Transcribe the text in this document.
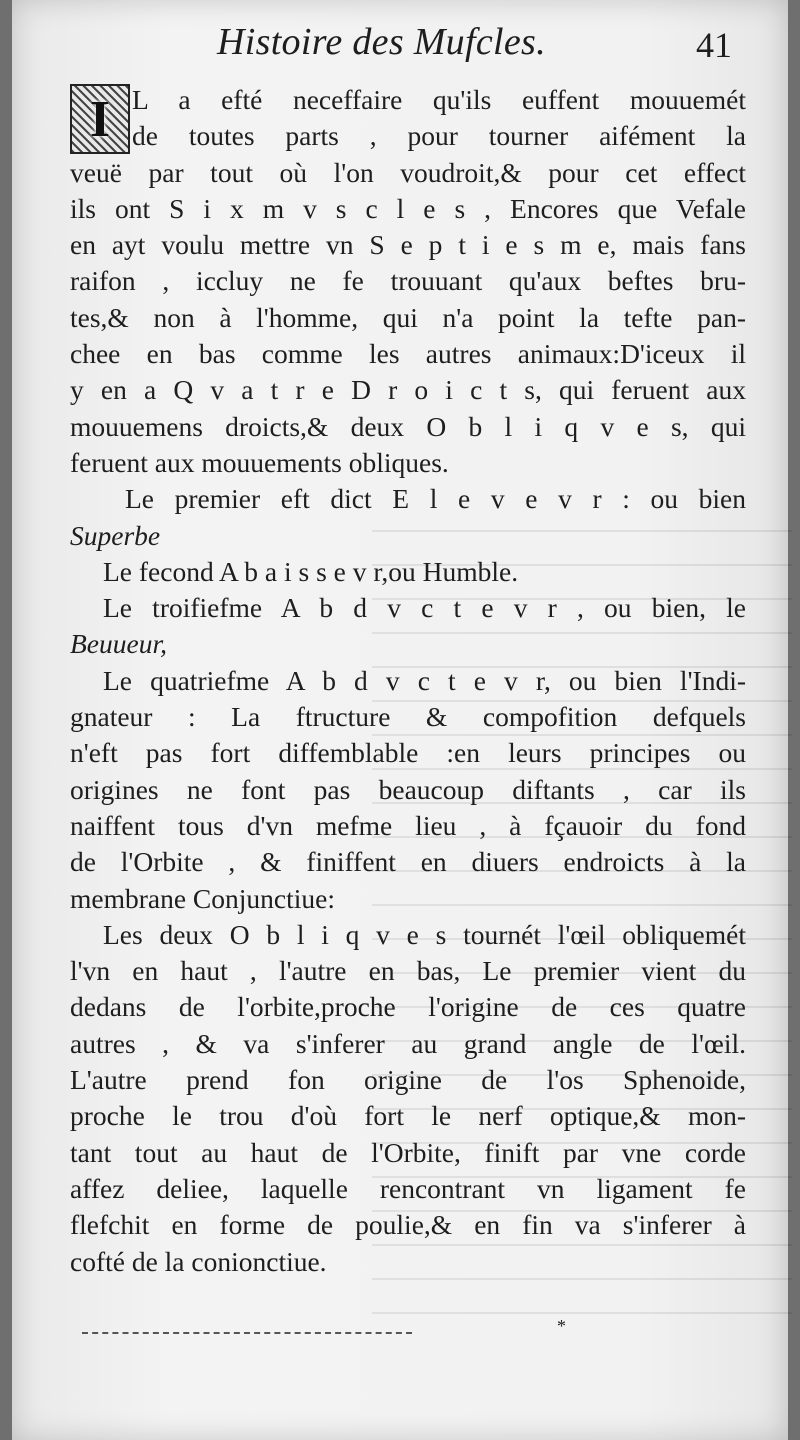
Histoire des Mufcles.	41
I L a efté neceffaire qu'ils euffent mouuemét
de toutes parts , pour tourner aifément la
veuë par tout où l'on voudroit,& pour cet effect
ils ont S i x m v s c l e s , Encores que Vefale
en ayt voulu mettre vn S e p t i e s m e, mais fans
raifon , iccluy ne fe trouuant qu'aux beftes bru-
tes,& non à l'homme, qui n'a point la tefte pan-
chee en bas comme les autres animaux:D'iceux il
y en a Q v a t r e D r o i c t s, qui feruent aux
mouuemens droicts,& deux O b l i q v e s, qui
feruent aux mouuements obliques.
Le premier eft dict E l e v e v r : ou bien
Superbe
Le fecond A b a i s s e v r,ou Humble.
Le troifiefme A b d v c t e v r , ou bien, le
Beuueur,
Le quatriefme A b d v c t e v r, ou bien l'Indi-
gnateur : La ftructure & compofition defquels
n'eft pas fort diffemblable :en leurs principes ou
origines ne font pas beaucoup diftants , car ils
naiffent tous d'vn mefme lieu , à fçauoir du fond
de l'Orbite , & finiffent en diuers endroicts à la
membrane Conjunctiue:
Les deux O b l i q v e s tournét l'œil obliquemét
l'vn en haut , l'autre en bas, Le premier vient du
dedans de l'orbite,proche l'origine de ces quatre
autres , & va s'inferer au grand angle de l'œil.
L'autre prend fon origine de l'os Sphenoide,
proche le trou d'où fort le nerf optique,& mon-
tant tout au haut de l'Orbite, finift par vne corde
affez deliee, laquelle rencontrant vn ligament fe
flefchit en forme de poulie,& en fin va s'inferer à
cofté de la conionctiue.
*
